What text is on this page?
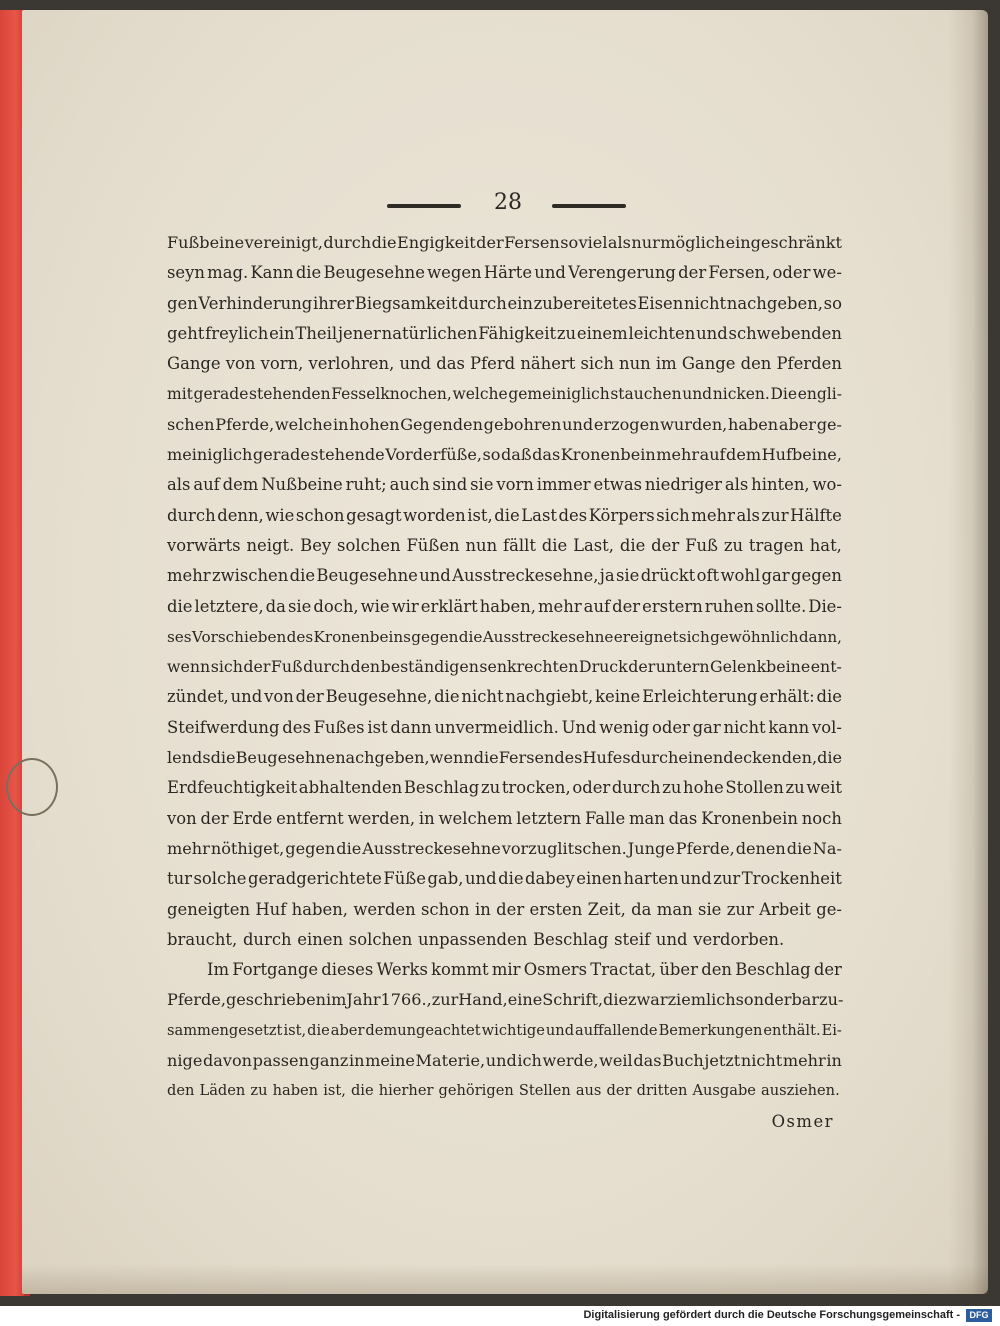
28
Fußbeine vereinigt, durch die Engigkeit der Fersen so viel als nur möglich eingeschränkt
seyn mag. Kann die Beugesehne wegen Härte und Verengerung der Fersen, oder we-
gen Verhinderung ihrer Biegsamkeit durch ein zubereitetes Eisen nicht nachgeben, so
geht freylich ein Theil jener natürlichen Fähigkeit zu einem leichten und schwebenden
Gange von vorn, verlohren, und das Pferd nähert sich nun im Gange den Pferden
mit gerade stehenden Fesselknochen, welche gemeiniglich stauchen und nicken. Die engli-
schen Pferde, welche in hohen Gegenden gebohren und erzogen wurden, haben aber ge-
meiniglich gerade stehende Vorderfüße, so daß das Kronenbein mehr auf dem Hufbeine,
als auf dem Nußbeine ruht; auch sind sie vorn immer etwas niedriger als hinten, wo-
durch denn, wie schon gesagt worden ist, die Last des Körpers sich mehr als zur Hälfte
vorwärts neigt. Bey solchen Füßen nun fällt die Last, die der Fuß zu tragen hat,
mehr zwischen die Beugesehne und Ausstreckesehne, ja sie drückt oft wohl gar gegen
die letztere, da sie doch, wie wir erklärt haben, mehr auf der erstern ruhen sollte. Die-
ses Vorschieben des Kronenbeins gegen die Ausstreckesehne ereignet sich gewöhnlich dann,
wenn sich der Fuß durch den beständigen senkrechten Druck der untern Gelenkbeine ent-
zündet, und von der Beugesehne, die nicht nachgiebt, keine Erleichterung erhält: die
Steifwerdung des Fußes ist dann unvermeidlich. Und wenig oder gar nicht kann vol-
lends die Beugesehne nachgeben, wenn die Fersen des Hufes durch einen deckenden, die
Erdfeuchtigkeit abhaltenden Beschlag zu trocken, oder durch zu hohe Stollen zu weit
von der Erde entfernt werden, in welchem letztern Falle man das Kronenbein noch
mehr nöthiget, gegen die Ausstreckesehne vorzuglitschen. Junge Pferde, denen die Na-
tur solche geradgerichtete Füße gab, und die dabey einen harten und zur Trockenheit
geneigten Huf haben, werden schon in der ersten Zeit, da man sie zur Arbeit ge-
braucht, durch einen solchen unpassenden Beschlag steif und verdorben.
Im Fortgange dieses Werks kommt mir Osmers Tractat, über den Beschlag der
Pferde, geschrieben im Jahr 1766., zur Hand, eine Schrift, die zwar ziemlich sonderbar zu-
sammengesetzt ist, die aber demungeachtet wichtige und auffallende Bemerkungen enthält. Ei-
nige davon passen ganz in meine Materie, und ich werde, weil das Buch jetzt nicht mehr in
den Läden zu haben ist, die hierher gehörigen Stellen aus der dritten Ausgabe ausziehen.
Osmer
Digitalisierung gefördert durch die Deutsche Forschungsgemeinschaft -	DFG
